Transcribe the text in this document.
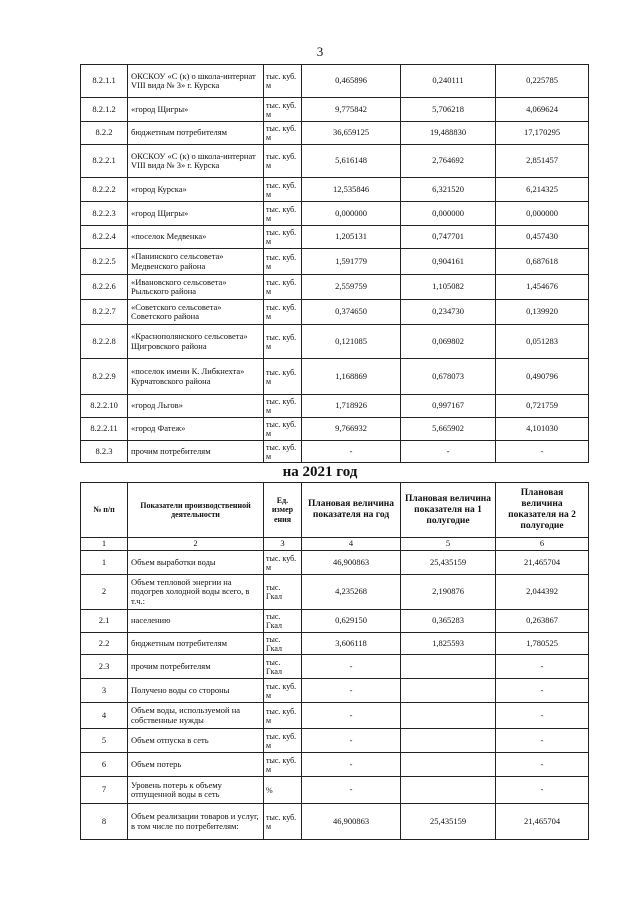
3
8.2.1.1	ОКСКОУ «С (к) о школа-интернат VIII вида № 3» г. Курска	тыс. куб. м	0,465896	0,240111	0,225785
8.2.1.2	«город Щигры»	тыс. куб. м	9,775842	5,706218	4,069624
8.2.2	бюджетным потребителям	тыс. куб. м	36,659125	19,488830	17,170295
8.2.2.1	ОКСКОУ «С (к) о школа-интернат VIII вида № 3» г. Курска	тыс. куб. м	5,616148	2,764692	2,851457
8.2.2.2	«город Курска»	тыс. куб. м	12,535846	6,321520	6,214325
8.2.2.3	«город Щигры»	тыс. куб. м	0,000000	0,000000	0,000000
8.2.2.4	«поселок Медвенка»	тыс. куб. м	1,205131	0,747701	0,457430
8.2.2.5	«Панинского сельсовета» Медвенского района	тыс. куб. м	1,591779	0,904161	0,687618
8.2.2.6	«Ивановского сельсовета» Рыльского района	тыс. куб. м	2,559759	1,105082	1,454676
8.2.2.7	«Советского сельсовета» Советского района	тыс. куб. м	0,374650	0,234730	0,139920
8.2.2.8	«Краснополянского сельсовета» Щигровского района	тыс. куб. м	0,121085	0,069802	0,051283
8.2.2.9	«поселок имени К. Либкнехта» Курчатовского района	тыс. куб. м	1,168869	0,678073	0,490796
8.2.2.10	«город Льгов»	тыс. куб. м	1,718926	0,997167	0,721759
8.2.2.11	«город Фатеж»	тыс. куб. м	9,766932	5,665902	4,101030
8.2.3	прочим потребителям	тыс. куб. м	-	-	-
на 2021 год
№ п/п	Показатели производственной деятельности	Ед. измер ения	Плановая величина показателя на год	Плановая величина показателя на 1 полугодие	Плановая величина показателя на 2 полугодие
1	2	3	4	5	6
1	Объем выработки воды	тыс. куб. м	46,900863	25,435159	21,465704
2	Объем тепловой энергии на подогрев холодной воды всего, в т.ч.:	тыс. Гкал	4,235268	2,190876	2,044392
2.1	населению	тыс. Гкал	0,629150	0,365283	0,263867
2.2	бюджетным потребителям	тыс. Гкал	3,606118	1,825593	1,780525
2.3	прочим потребителям	тыс. Гкал	-		-
3	Получено воды со стороны	тыс. куб. м	-		-
4	Объем воды, используемой на собственные нужды	тыс. куб. м	-		-
5	Объем отпуска в сеть	тыс. куб. м	-		-
6	Объем потерь	тыс. куб. м	-		-
7	Уровень потерь к объему отпущенной воды в сеть	%	-		-
8	Объем реализации товаров и услуг, в том числе по потребителям:	тыс. куб. м	46,900863	25,435159	21,465704
